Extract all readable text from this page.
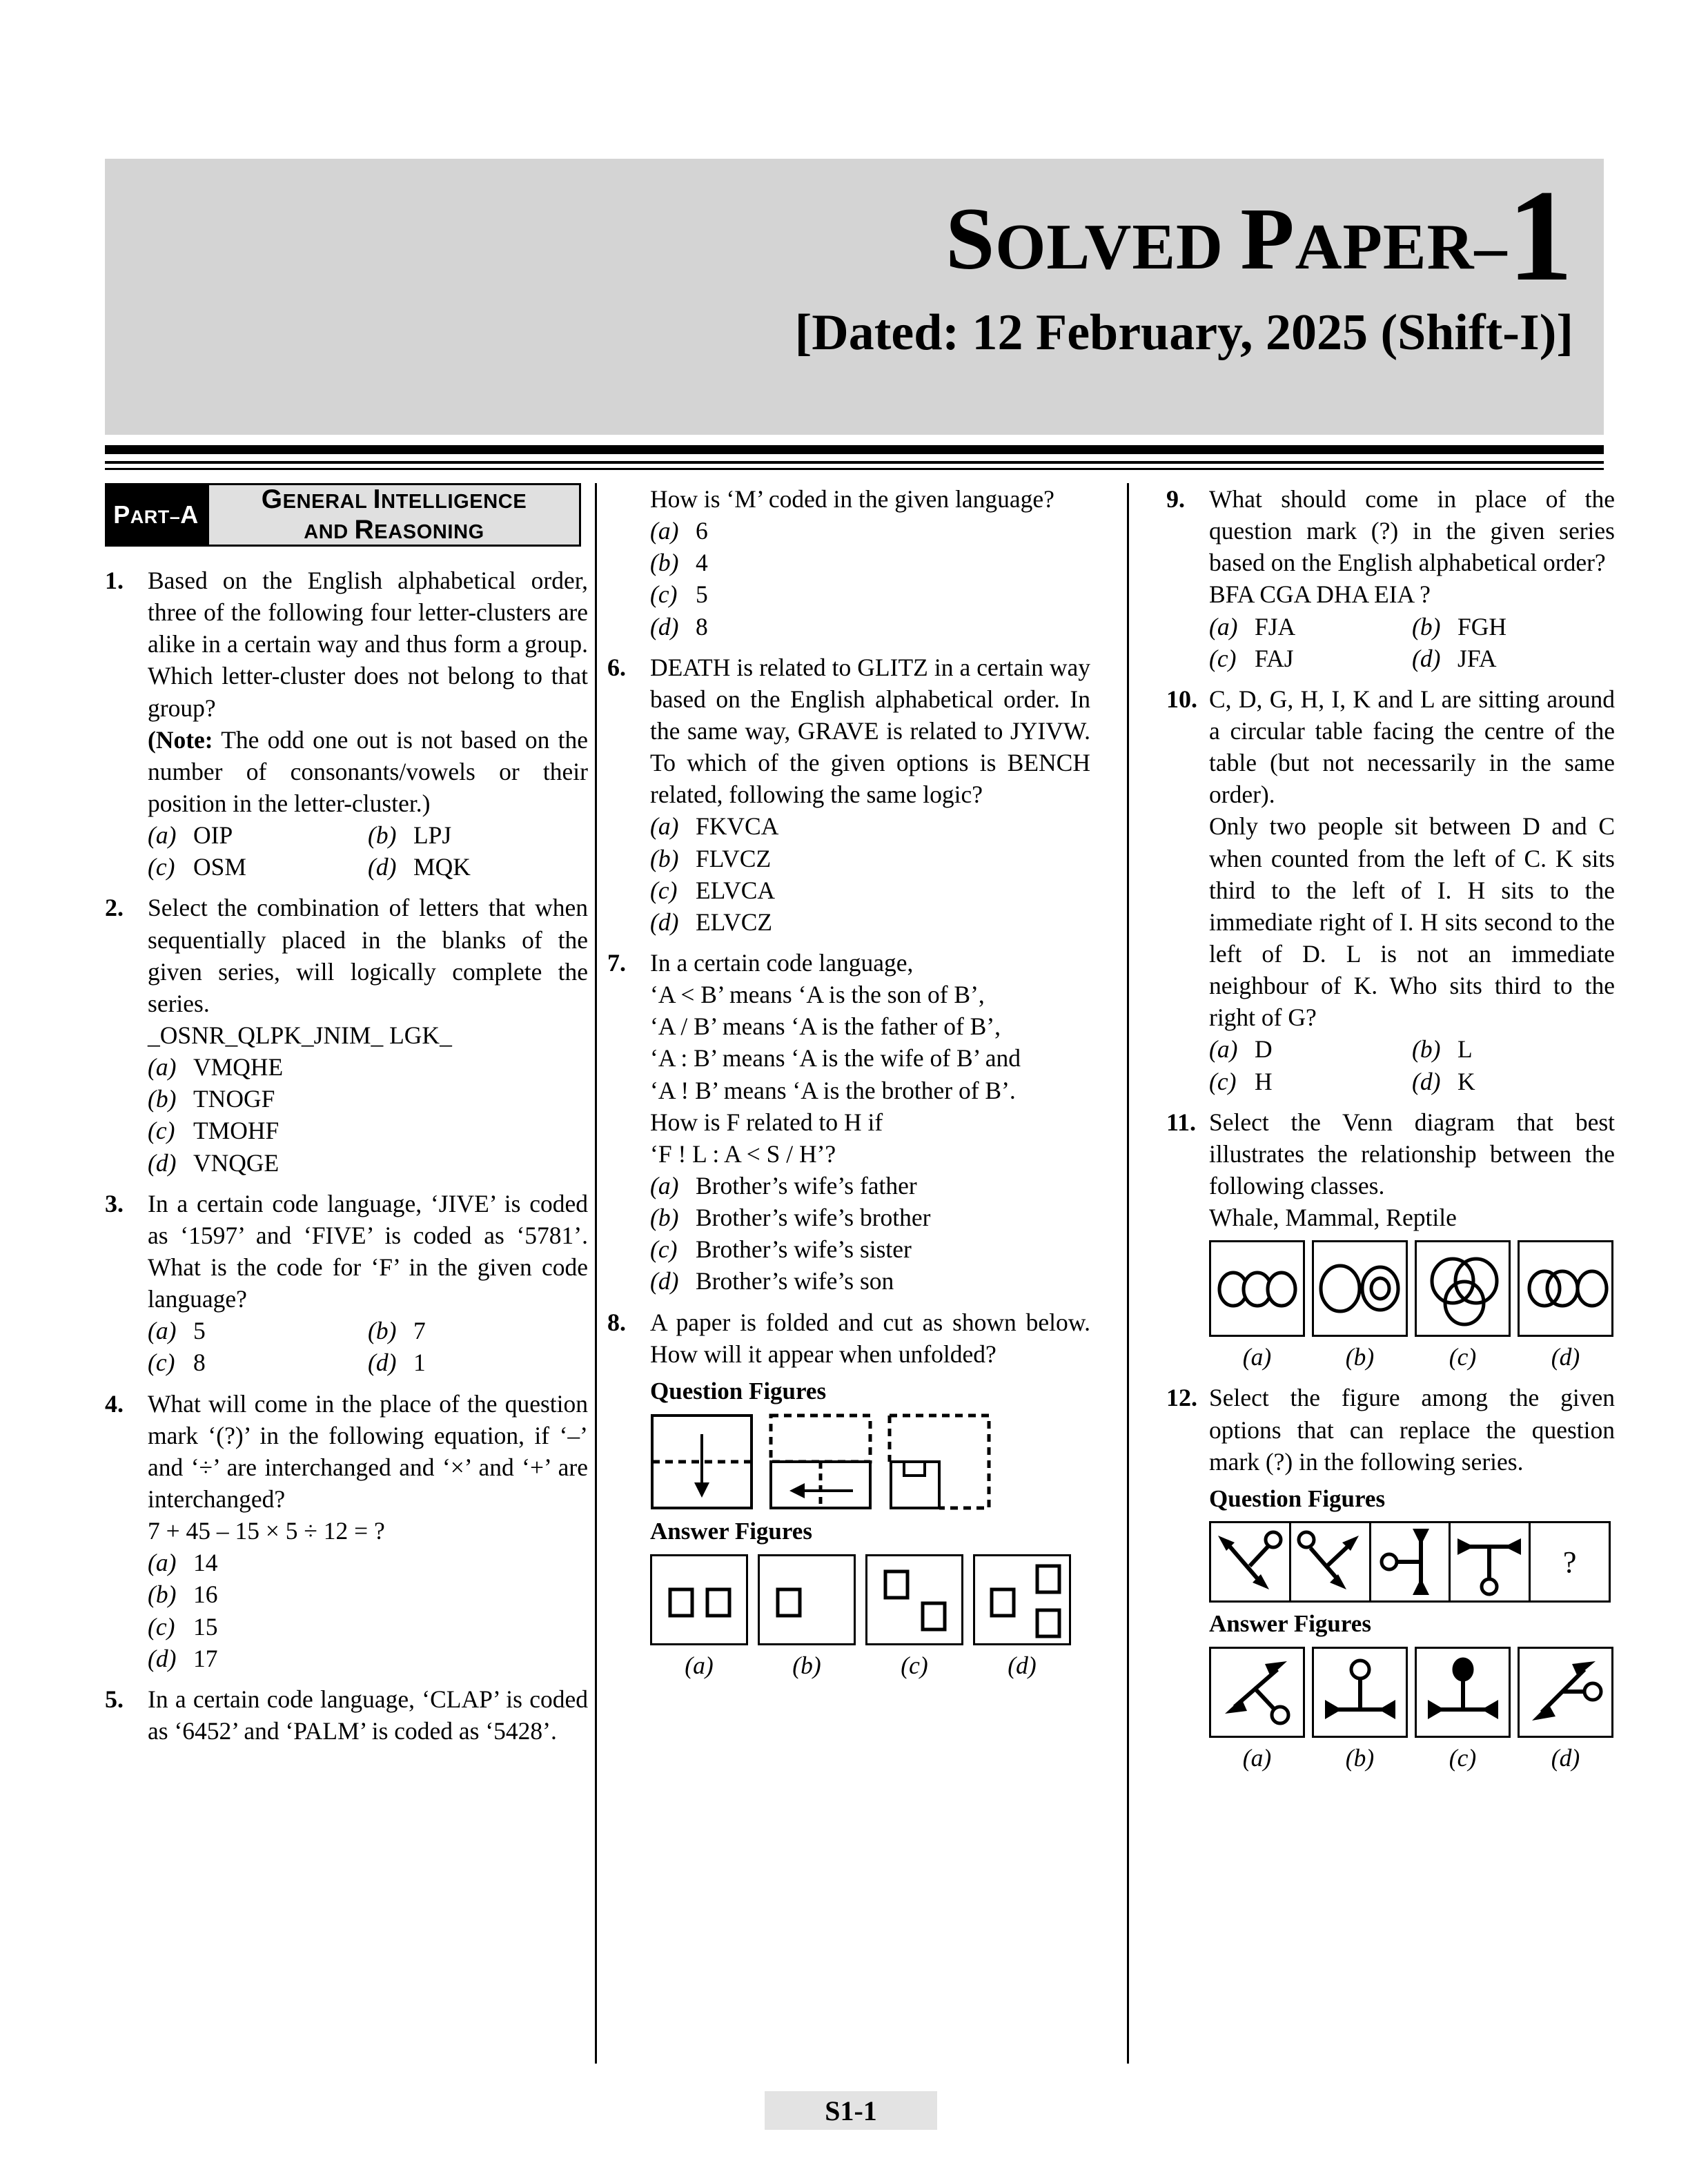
SOLVED PAPER–1
[Dated: 12 February, 2025 (Shift-I)]
PART–A GENERAL INTELLIGENCE
AND REASONING
1. Based on the English alphabetical order, three of the following four letter-clusters are alike in a certain way and thus form a group. Which letter-cluster does not belong to that group?
(Note: The odd one out is not based on the number of consonants/vowels or their position in the letter-cluster.)
(a) OIP	(b) LPJ
(c) OSM	(d) MQK
2. Select the combination of letters that when sequentially placed in the blanks of the given series, will logically complete the series.
_OSNR_QLPK_JNIM_ LGK_
(a) VMQHE
(b) TNOGF
(c) TMOHF
(d) VNQGE
3. In a certain code language, ‘JIVE’ is coded as ‘1597’ and ‘FIVE’ is coded as ‘5781’. What is the code for ‘F’ in the given code language?
(a) 5	(b) 7
(c) 8	(d) 1
4. What will come in the place of the question mark ‘(?)’ in the following equation, if ‘–’ and ‘÷’ are interchanged and ‘×’ and ‘+’ are interchanged?
7 + 45 – 15 × 5 ÷ 12 = ?
(a) 14
(b) 16
(c) 15
(d) 17
5. In a certain code language, ‘CLAP’ is coded as ‘6452’ and ‘PALM’ is coded as ‘5428’.
How is ‘M’ coded in the given language?
(a) 6
(b) 4
(c) 5
(d) 8
6. DEATH is related to GLITZ in a certain way based on the English alphabetical order. In the same way, GRAVE is related to JYIVW. To which of the given options is BENCH related, following the same logic?
(a) FKVCA
(b) FLVCZ
(c) ELVCA
(d) ELVCZ
7. In a certain code language,
‘A < B’ means ‘A is the son of B’,
‘A / B’ means ‘A is the father of B’,
‘A : B’ means ‘A is the wife of B’ and
‘A ! B’ means ‘A is the brother of B’.
How is F related to H if
‘F ! L : A < S / H’?
(a) Brother’s wife’s father
(b) Brother’s wife’s brother
(c) Brother’s wife’s sister
(d) Brother’s wife’s son
8. A paper is folded and cut as shown below. How will it appear when unfolded?
Question Figures
Answer Figures
(a)	(b)	(c)	(d)
9. What should come in place of the question mark (?) in the given series based on the English alphabetical order?
BFA CGA DHA EIA ?
(a) FJA	(b) FGH
(c) FAJ	(d) JFA
10. C, D, G, H, I, K and L are sitting around a circular table facing the centre of the table (but not necessarily in the same order).
Only two people sit between D and C when counted from the left of C. K sits third to the left of I. H sits to the immediate right of I. H sits second to the left of D. L is not an immediate neighbour of K. Who sits third to the right of G?
(a) D	(b) L
(c) H	(d) K
11. Select the Venn diagram that best illustrates the relationship between the following classes.
Whale, Mammal, Reptile
(a)	(b)	(c)	(d)
12. Select the figure among the given options that can replace the question mark (?) in the following series.
Question Figures
?
Answer Figures
(a)	(b)	(c)	(d)
S1-1
